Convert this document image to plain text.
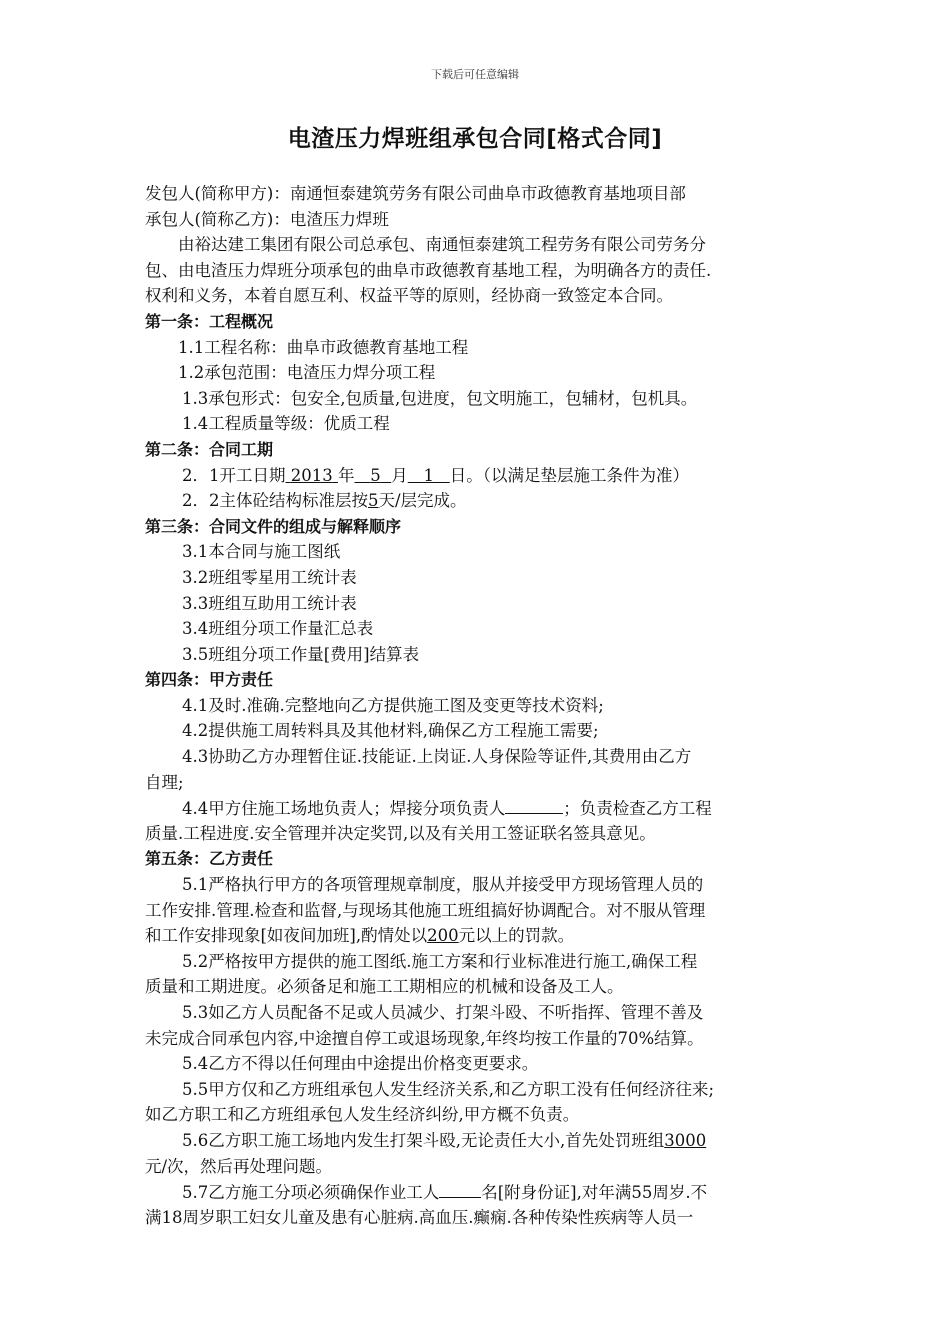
下载后可任意编辑
电渣压力焊班组承包合同[格式合同]
发包人(简称甲方)：南通恒泰建筑劳务有限公司曲阜市政德教育基地项目部
承包人(简称乙方)：电渣压力焊班
由裕达建工集团有限公司总承包、南通恒泰建筑工程劳务有限公司劳务分
包、由电渣压力焊班分项承包的曲阜市政德教育基地工程，为明确各方的责任.
权利和义务，本着自愿互利、权益平等的原则，经协商一致签定本合同。
第一条：工程概况
1.1工程名称：曲阜市政德教育基地工程
1.2承包范围：电渣压力焊分项工程
1.3承包形式：包安全,包质量,包进度，包文明施工，包辅材，包机具。
1.4工程质量等级：优质工程
第二条：合同工期
2．1开工日期 2013 年 5 月 1 日。（以满足垫层施工条件为准）
2．2主体砼结构标准层按5天/层完成。
第三条：合同文件的组成与解释顺序
3.1本合同与施工图纸
3.2班组零星用工统计表
3.3班组互助用工统计表
3.4班组分项工作量汇总表
3.5班组分项工作量[费用]结算表
第四条：甲方责任
4.1及时.准确.完整地向乙方提供施工图及变更等技术资料;
4.2提供施工周转料具及其他材料,确保乙方工程施工需要;
4.3协助乙方办理暂住证.技能证.上岗证.人身保险等证件,其费用由乙方
自理;
4.4甲方住施工场地负责人；焊接分项负责人	；负责检查乙方工程
质量.工程进度.安全管理并决定奖罚,以及有关用工签证联名签具意见。
第五条：乙方责任
5.1严格执行甲方的各项管理规章制度，服从并接受甲方现场管理人员的
工作安排.管理.检查和监督,与现场其他施工班组搞好协调配合。对不服从管理
和工作安排现象[如夜间加班],酌情处以200元以上的罚款。
5.2严格按甲方提供的施工图纸.施工方案和行业标准进行施工,确保工程
质量和工期进度。必须备足和施工工期相应的机械和设备及工人。
5.3如乙方人员配备不足或人员减少、打架斗殴、不听指挥、管理不善及
未完成合同承包内容,中途擅自停工或退场现象,年终均按工作量的70%结算。
5.4乙方不得以任何理由中途提出价格变更要求。
5.5甲方仅和乙方班组承包人发生经济关系,和乙方职工没有任何经济往来;
如乙方职工和乙方班组承包人发生经济纠纷,甲方概不负责。
5.6乙方职工施工场地内发生打架斗殴,无论责任大小,首先处罚班组3000
元/次，然后再处理问题。
5.7乙方施工分项必须确保作业工人	名[附身份证],对年满55周岁.不
满18周岁职工妇女儿童及患有心脏病.高血压.癫痫.各种传染性疾病等人员一
